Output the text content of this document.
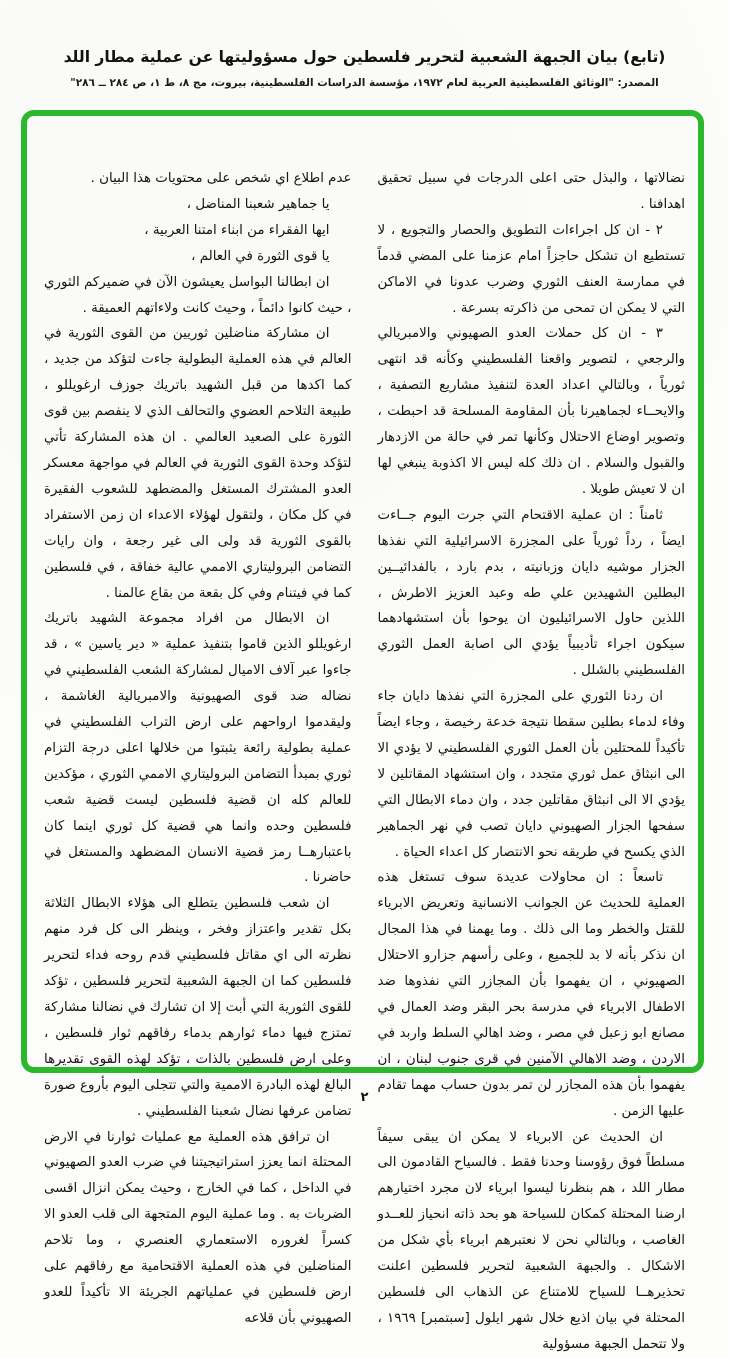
(تابع) بيان الجبهة الشعبية لتحرير فلسطين حول مسؤوليتها عن عملية مطار اللد
المصدر: "الوثائق الفلسطينية العربية لعام ١٩٧٢، مؤسسة الدراسات الفلسطينية، بيروت، مج ٨، ط ١، ص ٢٨٤ ــ ٢٨٦"

نضالاتها ، والبذل حتى اعلى الدرجات في سبيل تحقيق اهدافنا .

٢ - ان كل اجراءات التطويق والحصار والتجويع ، لا تستطيع ان تشكل حاجزاً امام عزمنا على المضي قدماً في ممارسة العنف الثوري وضرب عدونا في الاماكن التي لا يمكن ان تمحى من ذاكرته بسرعة .

٣ - ان كل حملات العدو الصهيوني والامبريالي والرجعي ، لتصوير واقعنا الفلسطيني وكأنه قد انتهى ثورياً ، وبالتالي اعداد العدة لتنفيذ مشاريع التصفية ، والايحــاء لجماهيرنا بأن المقاومة المسلحة قد احبطت ، وتصوير اوضاع الاحتلال وكأنها تمر في حالة من الازدهار والقبول والسلام . ان ذلك كله ليس الا اكذوبة ينبغي لها ان لا تعيش طويلا .

ثامناً : ان عملية الاقتحام التي جرت اليوم جــاءت ايضاً ، رداً ثورياً على المجزرة الاسرائيلية التي نفذها الجزار موشيه دايان وزبانيته ، بدم بارد ، بالفدائيــين البطلين الشهيدين علي طه وعبد العزيز الاطرش ، اللذين حاول الاسرائيليون ان يوحوا بأن استشهادهما سيكون اجراء تأديبياً يؤدي الى اصابة العمل الثوري الفلسطيني بالشلل .

ان ردنا الثوري على المجزرة التي نفذها دايان جاء وفاء لدماء بطلين سقطا نتيجة خدعة رخيصة ، وجاء ايضاً تأكيداً للمحتلين بأن العمل الثوري الفلسطيني لا يؤدي الا الى انبثاق عمل ثوري متجدد ، وان استشهاد المقاتلين لا يؤدي الا الى انبثاق مقاتلين جدد ، وان دماء الابطال التي سفحها الجزار الصهيوني دايان تصب في نهر الجماهير الذي يكسح في طريقه نحو الانتصار كل اعداء الحياة .

تاسعاً : ان محاولات عديدة سوف تستغل هذه العملية للحديث عن الجوانب الانسانية وتعريض الابرياء للقتل والخطر وما الى ذلك . وما يهمنا في هذا المجال ان نذكر بأنه لا بد للجميع ، وعلى رأسهم جزارو الاحتلال الصهيوني ، ان يفهموا بأن المجازر التي نفذوها ضد الاطفال الابرياء في مدرسة بحر البقر وضد العمال في مصانع ابو زعبل في مصر ، وضد اهالي السلط واربد في الاردن ، وضد الاهالي الآمنين في قرى جنوب لبنان ، ان يفهموا بأن هذه المجازر لن تمر بدون حساب مهما تقادم عليها الزمن .

ان الحديث عن الابرياء لا يمكن ان يبقى سيفاً مسلطاً فوق رؤوسنا وحدنا فقط . فالسياح القادمون الى مطار اللد ، هم بنظرنا ليسوا ابرياء لان مجرد اختيارهم ارضنا المحتلة كمكان للسياحة هو بحد ذاته انحياز للعــدو الغاصب ، وبالتالي نحن لا نعتبرهم ابرياء بأي شكل من الاشكال . والجبهة الشعبية لتحرير فلسطين اعلنت تحذيرهــا للسياح للامتناع عن الذهاب الى فلسطين المحتلة في بيان اذيع خلال شهر ايلول [سبتمبر] ١٩٦٩ ، ولا تتحمل الجبهة مسؤولية

عدم اطلاع اي شخص على محتويات هذا البيان .

يا جماهير شعبنا المناضل ،

ايها الفقراء من ابناء امتنا العربية ،

يا قوى الثورة في العالم ،

ان ابطالنا البواسل يعيشون الآن في ضميركم الثوري ، حيث كانوا دائماً ، وحيث كانت ولاءاتهم العميقة .

ان مشاركة مناضلين ثوريين من القوى الثورية في العالم في هذه العملية البطولية جاءت لتؤكد من جديد ، كما اكدها من قبل الشهيد باتريك جوزف ارغويللو ، طبيعة التلاحم العضوي والتحالف الذي لا ينفصم بين قوى الثورة على الصعيد العالمي . ان هذه المشاركة تأتي لتؤكد وحدة القوى الثورية في العالم في مواجهة معسكر العدو المشترك المستغل والمضطهد للشعوب الفقيرة في كل مكان ، ولتقول لهؤلاء الاعداء ان زمن الاستفراد بالقوى الثورية قد ولى الى غير رجعة ، وان رايات التضامن البروليتاري الاممي عالية خفاقة ، في فلسطين كما في فيتنام وفي كل بقعة من بقاع عالمنا .

ان الابطال من افراد مجموعة الشهيد باتريك ارغويللو الذين قاموا بتنفيذ عملية « دير ياسين » ، قد جاءوا عبر آلاف الاميال لمشاركة الشعب الفلسطيني في نضاله ضد قوى الصهيونية والامبريالية الغاشمة ، وليقدموا ارواحهم على ارض التراب الفلسطيني في عملية بطولية رائعة يثبتوا من خلالها اعلى درجة التزام ثوري بمبدأ التضامن البروليتاري الاممي الثوري ، مؤكدين للعالم كله ان قضية فلسطين ليست قضية شعب فلسطين وحده وانما هي قضية كل ثوري اينما كان باعتبارهــا رمز قضية الانسان المضطهد والمستغل في حاضرنا .

ان شعب فلسطين يتطلع الى هؤلاء الابطال الثلاثة بكل تقدير واعتزاز وفخر ، وينظر الى كل فرد منهم نظرته الى اي مقاتل فلسطيني قدم روحه فداء لتحرير فلسطين كما ان الجبهة الشعبية لتحرير فلسطين ، تؤكد للقوى الثورية التي أبت إلا ان تشارك في نضالنا مشاركة تمتزج فيها دماء ثوارهم بدماء رفاقهم ثوار فلسطين ، وعلى ارض فلسطين بالذات ، تؤكد لهذه القوى تقديرها البالغ لهذه البادرة الاممية والتي تتجلى اليوم بأروع صورة تضامن عرفها نضال شعبنا الفلسطيني .

ان ترافق هذه العملية مع عمليات ثوارنا في الارض المحتلة انما يعزز استراتيجيتنا في ضرب العدو الصهيوني في الداخل ، كما في الخارج ، وحيث يمكن انزال اقسى الضربات به . وما عملية اليوم المتجهة الى قلب العدو الا كسراً لغروره الاستعماري العنصري ، وما تلاحم المناضلين في هذه العملية الاقتحامية مع رفاقهم على ارض فلسطين في عملياتهم الجريئة الا تأكيداً للعدو الصهيوني بأن قلاعه

٢
